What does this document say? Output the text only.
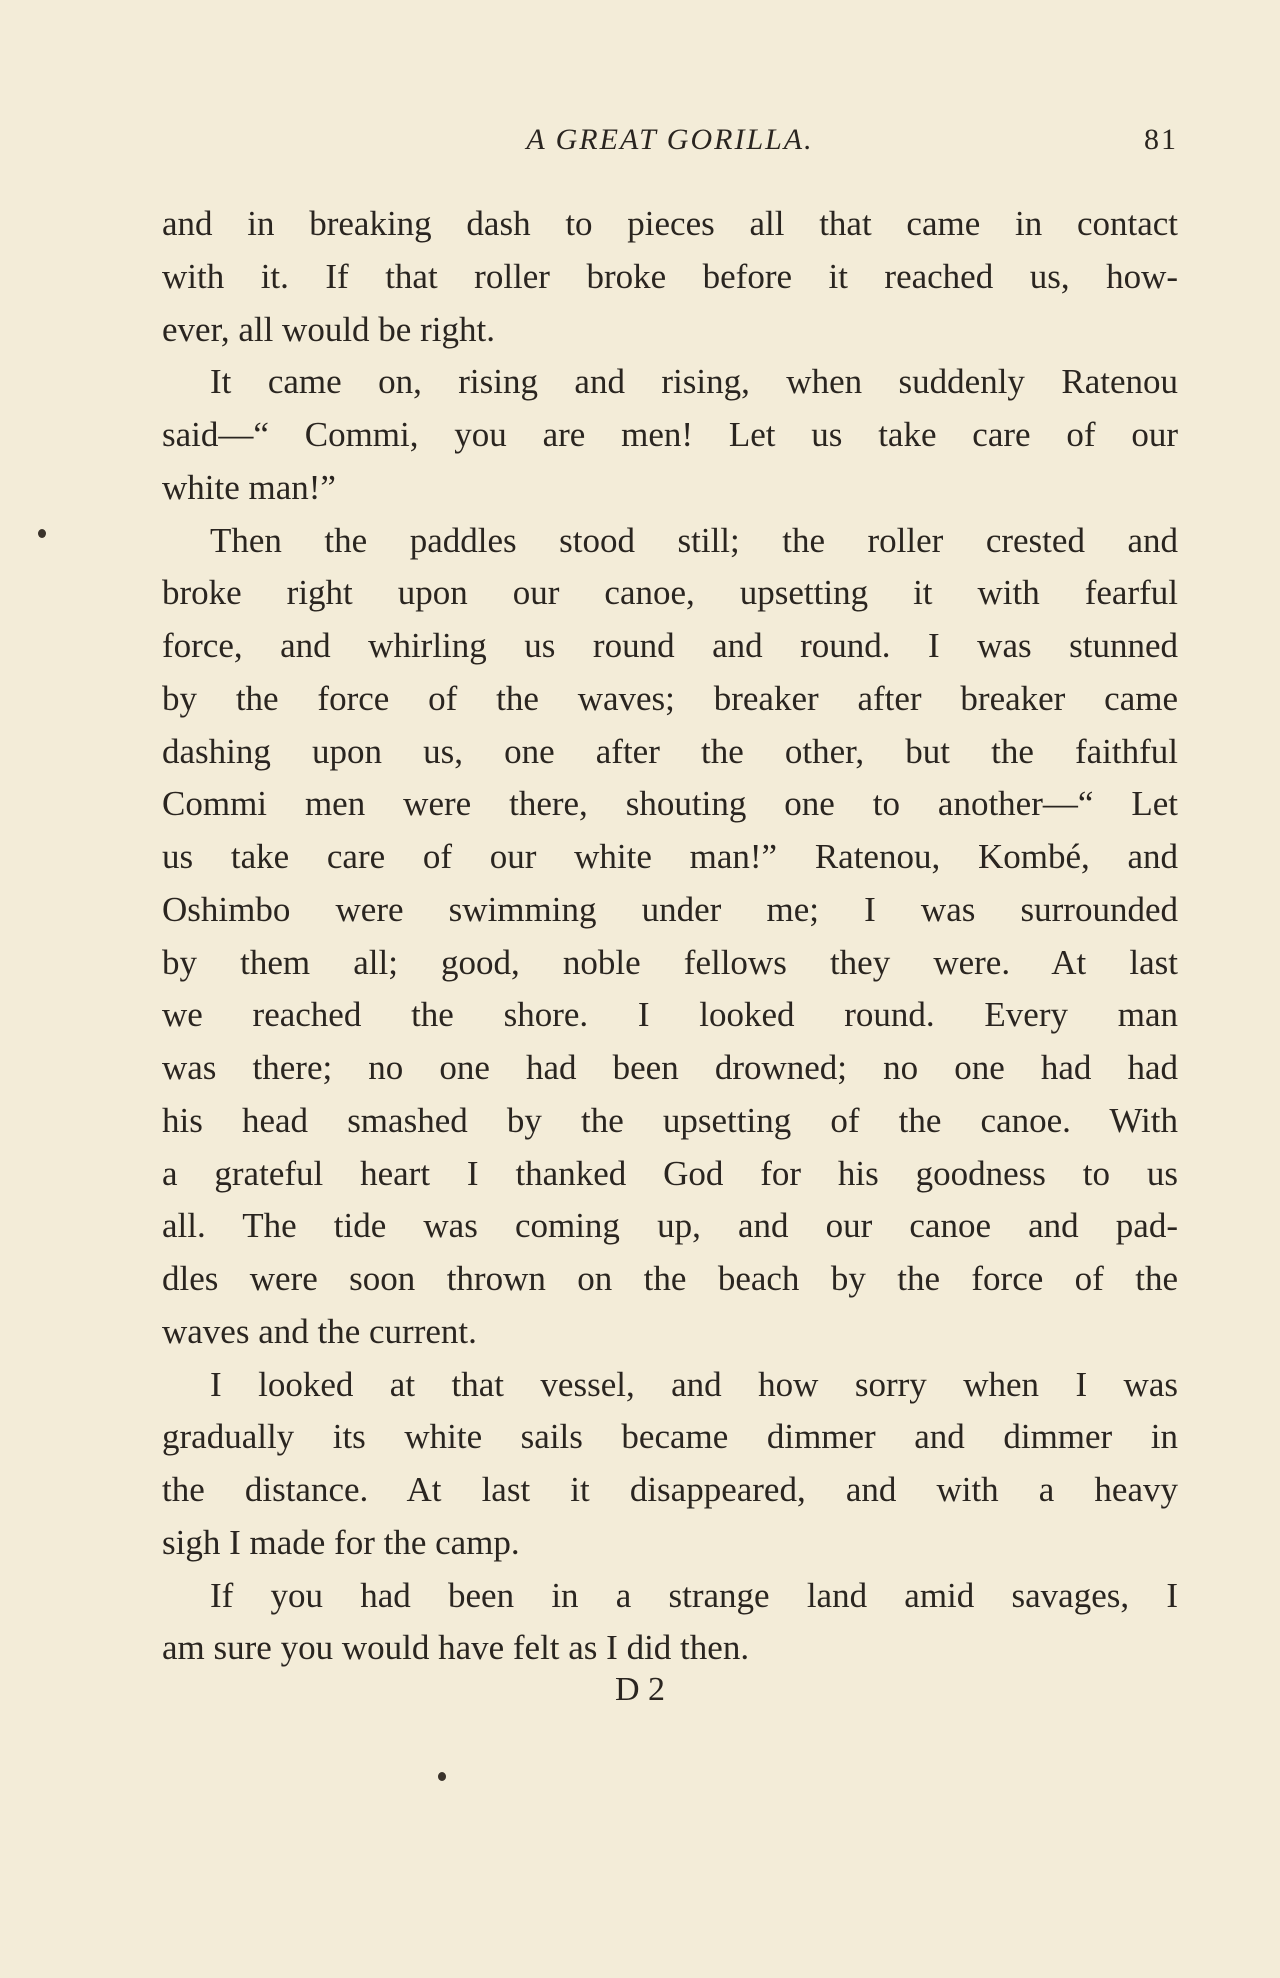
A GREAT GORILLA.	81
and in breaking dash to pieces all that came in contact
with it. If that roller broke before it reached us, how-
ever, all would be right.
It came on, rising and rising, when suddenly Ratenou
said—“ Commi, you are men! Let us take care of our
white man!”
Then the paddles stood still; the roller crested and
broke right upon our canoe, upsetting it with fearful
force, and whirling us round and round. I was stunned
by the force of the waves; breaker after breaker came
dashing upon us, one after the other, but the faithful
Commi men were there, shouting one to another—“ Let
us take care of our white man!” Ratenou, Kombé, and
Oshimbo were swimming under me; I was surrounded
by them all; good, noble fellows they were. At last
we reached the shore. I looked round. Every man
was there; no one had been drowned; no one had had
his head smashed by the upsetting of the canoe. With
a grateful heart I thanked God for his goodness to us
all. The tide was coming up, and our canoe and pad-
dles were soon thrown on the beach by the force of the
waves and the current.
I looked at that vessel, and how sorry when I was
gradually its white sails became dimmer and dimmer in
the distance. At last it disappeared, and with a heavy
sigh I made for the camp.
If you had been in a strange land amid savages, I
am sure you would have felt as I did then.
D 2
